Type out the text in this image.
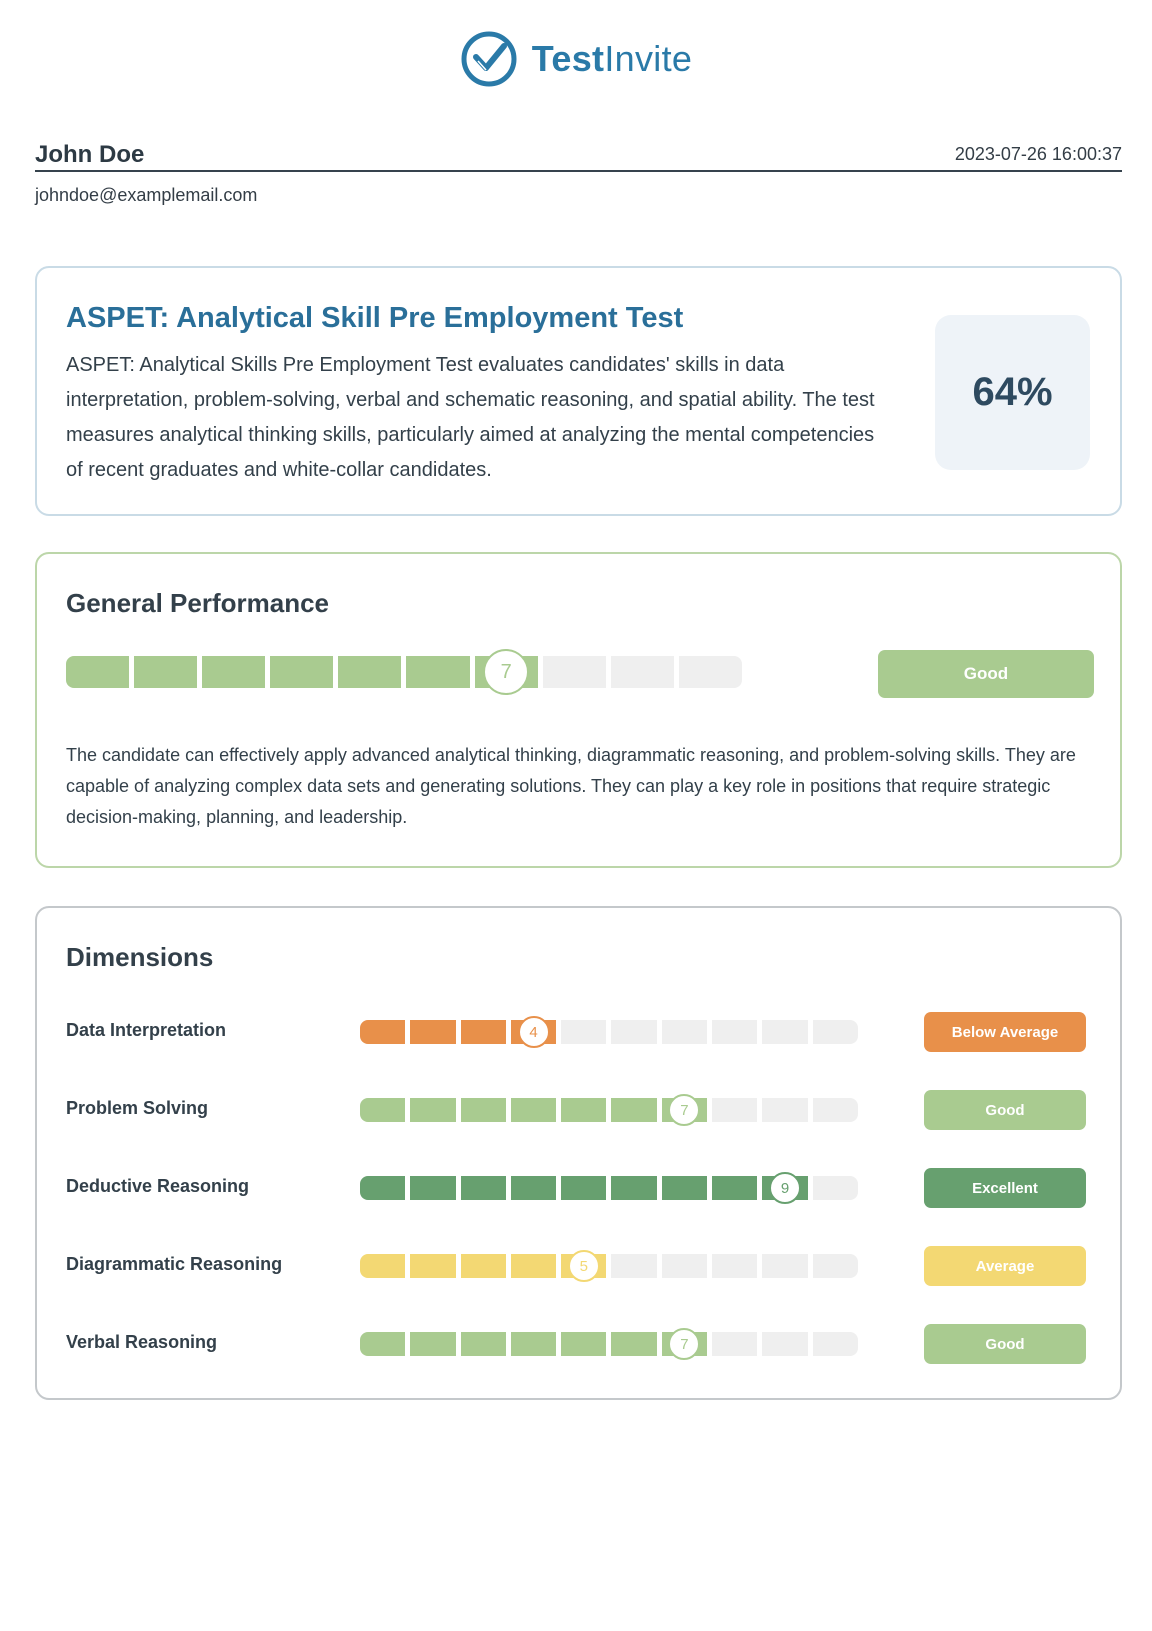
TestInvite
John Doe	2023-07-26 16:00:37
johndoe@examplemail.com
ASPET: Analytical Skill Pre Employment Test
ASPET: Analytical Skills Pre Employment Test evaluates candidates' skills in data interpretation, problem-solving, verbal and schematic reasoning, and spatial ability. The test measures analytical thinking skills, particularly aimed at analyzing the mental competencies of recent graduates and white-collar candidates.
64%
General Performance
7	Good
The candidate can effectively apply advanced analytical thinking, diagrammatic reasoning, and problem-solving skills. They are capable of analyzing complex data sets and generating solutions. They can play a key role in positions that require strategic decision-making, planning, and leadership.
Dimensions
Data Interpretation	4	Below Average
Problem Solving	7	Good
Deductive Reasoning	9	Excellent
Diagrammatic Reasoning	5	Average
Verbal Reasoning	7	Good
